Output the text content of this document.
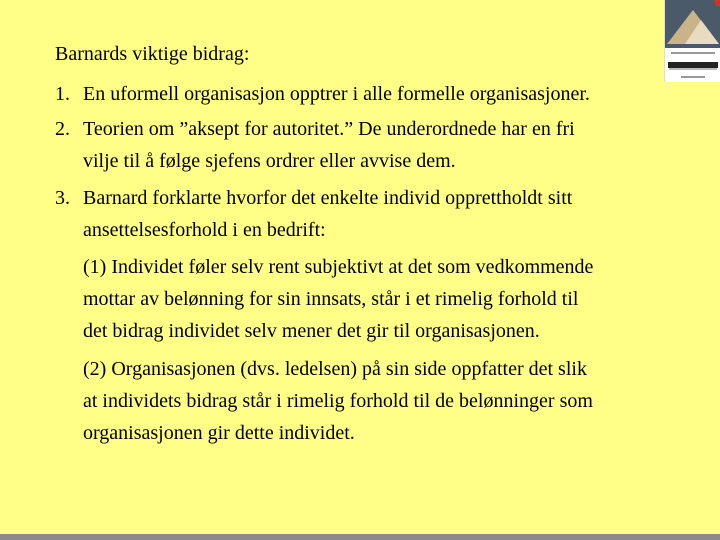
Barnards viktige bidrag:
1. En uformell organisasjon opptrer i alle formelle organisasjoner.
2. Teorien om ”aksept for autoritet.” De underordnede har en fri
vilje til å følge sjefens ordrer eller avvise dem.
3. Barnard forklarte hvorfor det enkelte individ opprettholdt sitt
ansettelsesforhold i en bedrift:
(1) Individet føler selv rent subjektivt at det som vedkommende
mottar av belønning for sin innsats, står i et rimelig forhold til
det bidrag individet selv mener det gir til organisasjonen.
(2) Organisasjonen (dvs. ledelsen) på sin side oppfatter det slik
at individets bidrag står i rimelig forhold til de belønninger som
organisasjonen gir dette individet.
